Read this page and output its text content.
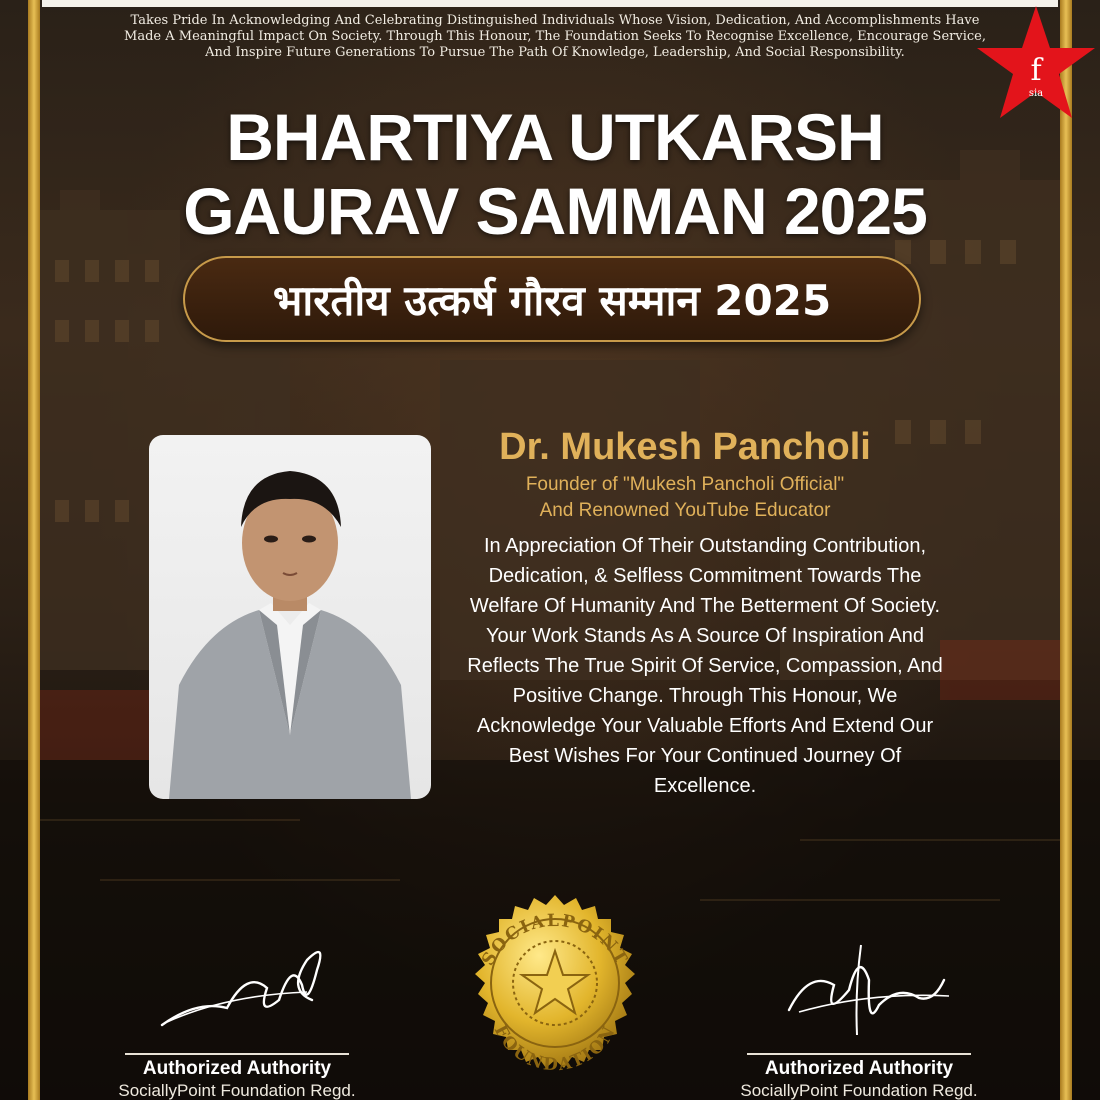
Takes Pride In Acknowledging And Celebrating Distinguished Individuals Whose Vision, Dedication, And Accomplishments Have Made A Meaningful Impact On Society. Through This Honour, The Foundation Seeks To Recognise Excellence, Encourage Service, And Inspire Future Generations To Pursue The Path Of Knowledge, Leadership, And Social Responsibility.
f
sia
BHARTIYA UTKARSH
GAURAV SAMMAN 2025
भारतीय उत्कर्ष गौरव सम्मान 2025
Dr. Mukesh Pancholi
Founder of "Mukesh Pancholi Official"
And Renowned YouTube Educator
In Appreciation Of Their Outstanding Contribution, Dedication, & Selfless Commitment Towards The Welfare Of Humanity And The Betterment Of Society. Your Work Stands As A Source Of Inspiration And Reflects The True Spirit Of Service, Compassion, And Positive Change. Through This Honour, We Acknowledge Your Valuable Efforts And Extend Our Best Wishes For Your Continued Journey Of Excellence.
Authorized Authority
SociallyPoint Foundation Regd.
SOCIALPOINT
FOUNDATION
Authorized Authority
SociallyPoint Foundation Regd.
